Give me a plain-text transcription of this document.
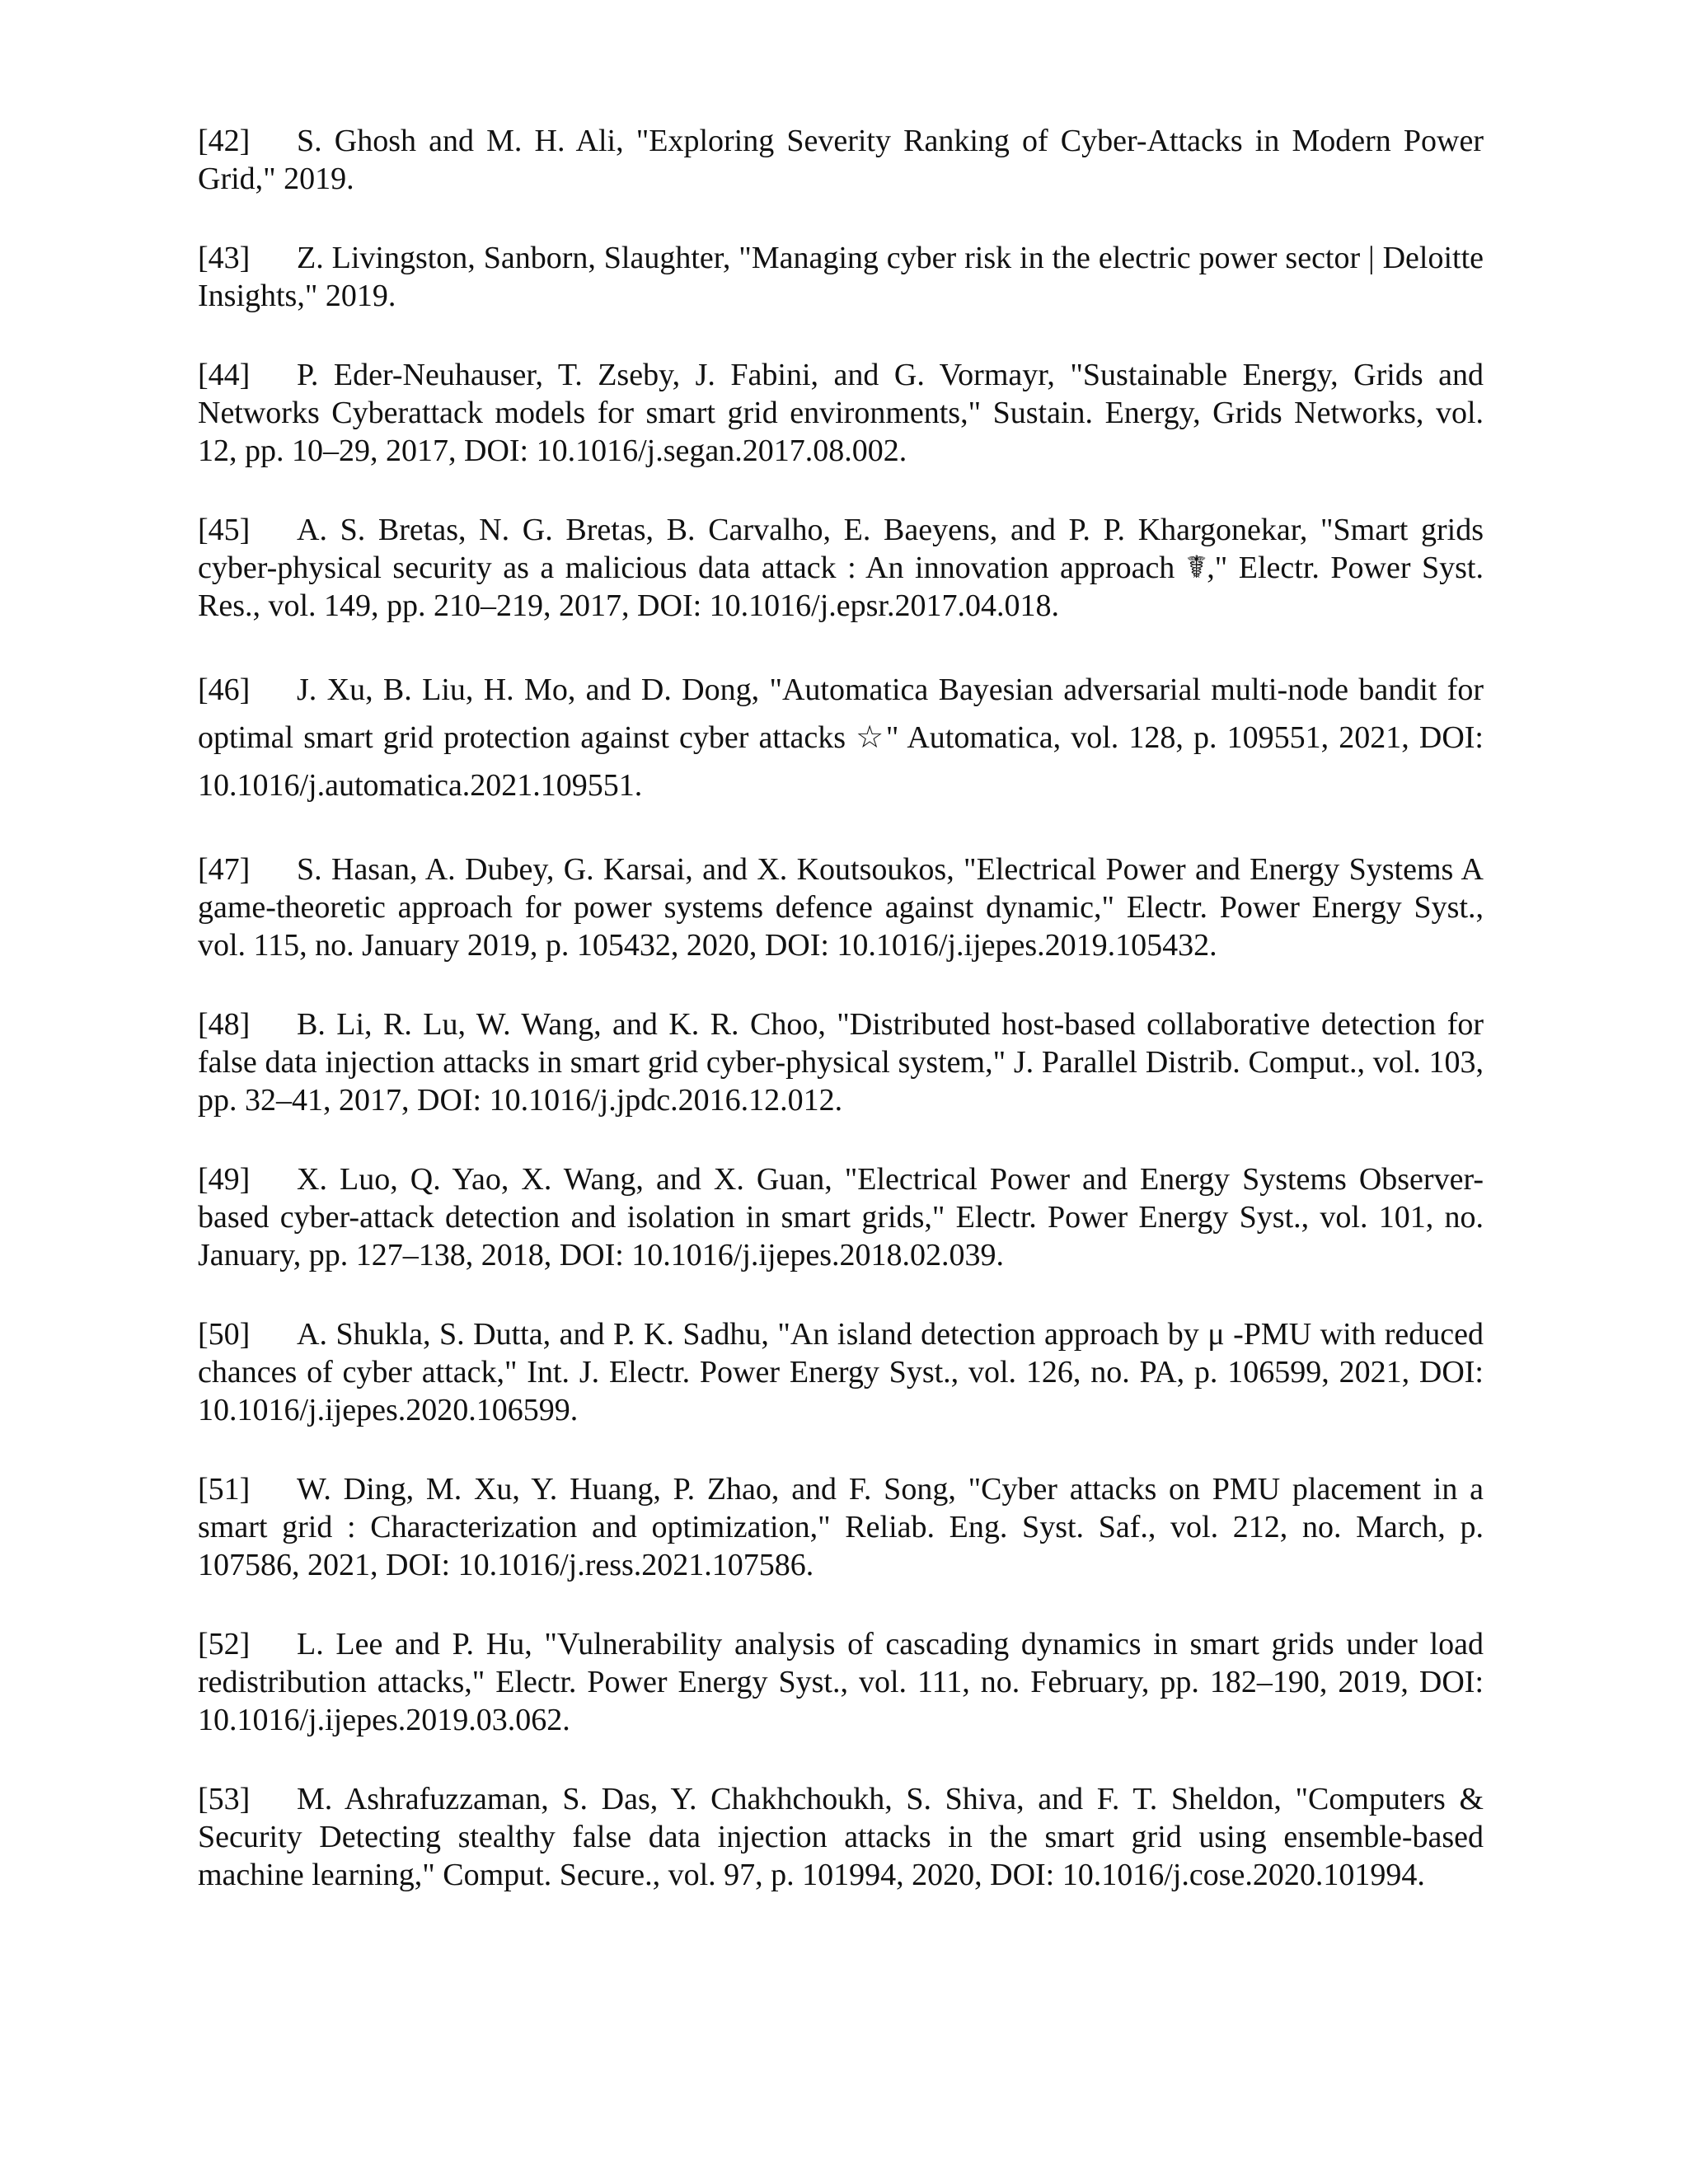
[42] S. Ghosh and M. H. Ali, "Exploring Severity Ranking of Cyber-Attacks in Modern Power Grid," 2019.
[43] Z. Livingston, Sanborn, Slaughter, "Managing cyber risk in the electric power sector | Deloitte Insights," 2019.
[44] P. Eder-Neuhauser, T. Zseby, J. Fabini, and G. Vormayr, "Sustainable Energy, Grids and Networks Cyberattack models for smart grid environments," Sustain. Energy, Grids Networks, vol. 12, pp. 10–29, 2017, DOI: 10.1016/j.segan.2017.08.002.
[45] A. S. Bretas, N. G. Bretas, B. Carvalho, E. Baeyens, and P. P. Khargonekar, "Smart grids cyber-physical security as a malicious data attack : An innovation approach ☤," Electr. Power Syst. Res., vol. 149, pp. 210–219, 2017, DOI: 10.1016/j.epsr.2017.04.018.
[46] J. Xu, B. Liu, H. Mo, and D. Dong, "Automatica Bayesian adversarial multi-node bandit for optimal smart grid protection against cyber attacks ☆" Automatica, vol. 128, p. 109551, 2021, DOI: 10.1016/j.automatica.2021.109551.
[47] S. Hasan, A. Dubey, G. Karsai, and X. Koutsoukos, "Electrical Power and Energy Systems A game-theoretic approach for power systems defence against dynamic," Electr. Power Energy Syst., vol. 115, no. January 2019, p. 105432, 2020, DOI: 10.1016/j.ijepes.2019.105432.
[48] B. Li, R. Lu, W. Wang, and K. R. Choo, "Distributed host-based collaborative detection for false data injection attacks in smart grid cyber-physical system," J. Parallel Distrib. Comput., vol. 103, pp. 32–41, 2017, DOI: 10.1016/j.jpdc.2016.12.012.
[49] X. Luo, Q. Yao, X. Wang, and X. Guan, "Electrical Power and Energy Systems Observer-based cyber-attack detection and isolation in smart grids," Electr. Power Energy Syst., vol. 101, no. January, pp. 127–138, 2018, DOI: 10.1016/j.ijepes.2018.02.039.
[50] A. Shukla, S. Dutta, and P. K. Sadhu, "An island detection approach by μ -PMU with reduced chances of cyber attack," Int. J. Electr. Power Energy Syst., vol. 126, no. PA, p. 106599, 2021, DOI: 10.1016/j.ijepes.2020.106599.
[51] W. Ding, M. Xu, Y. Huang, P. Zhao, and F. Song, "Cyber attacks on PMU placement in a smart grid : Characterization and optimization," Reliab. Eng. Syst. Saf., vol. 212, no. March, p. 107586, 2021, DOI: 10.1016/j.ress.2021.107586.
[52] L. Lee and P. Hu, "Vulnerability analysis of cascading dynamics in smart grids under load redistribution attacks," Electr. Power Energy Syst., vol. 111, no. February, pp. 182–190, 2019, DOI: 10.1016/j.ijepes.2019.03.062.
[53] M. Ashrafuzzaman, S. Das, Y. Chakhchoukh, S. Shiva, and F. T. Sheldon, "Computers & Security Detecting stealthy false data injection attacks in the smart grid using ensemble-based machine learning," Comput. Secure., vol. 97, p. 101994, 2020, DOI: 10.1016/j.cose.2020.101994.
